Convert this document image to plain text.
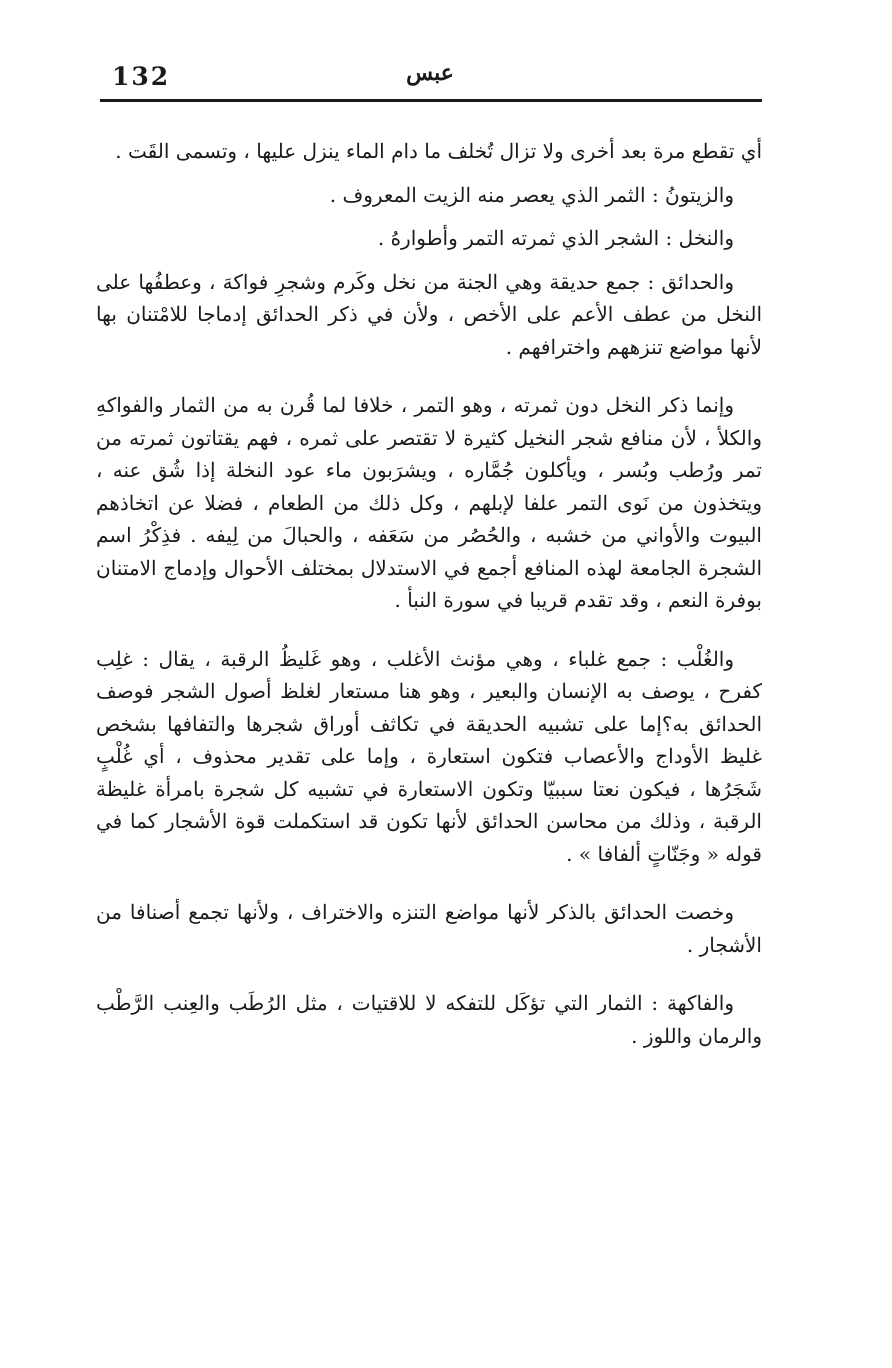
132	عبس

أي تقطع مرة بعد أخرى ولا تزال تُخلف ما دام الماء ينزل عليها ، وتسمى القَت .

والزيتونُ : الثمر الذي يعصر منه الزيت المعروف .

والنخل : الشجر الذي ثمرته التمر وأطوارهُ .

والحدائق : جمع حديقة وهي الجنة من نخل وكَرم وشجرِ فواكهَ ، وعطفُها على النخل من عطف الأعم على الأخص ، ولأن في ذكر الحدائق إدماجا للامْتنان بها لأنها مواضع تنزههم واخترافهم .

وإنما ذكر النخل دون ثمرته ، وهو التمر ، خلافا لما قُرن به من الثمار والفواكهِ والكلأ ، لأن منافع شجر النخيل كثيرة لا تقتصر على ثمره ، فهم يقتاتون ثمرته من تمر ورُطب وبُسر ، ويأكلون جُمَّاره ، ويشرَبون ماء عود النخلة إذا شُق عنه ، ويتخذون من نَوى التمر علفا لإبلهم ، وكل ذلك من الطعام ، فضلا عن اتخاذهم البيوت والأواني من خشبه ، والحُصُر من سَعَفه ، والحبالَ من لِيفه . فذِكْرُ اسم الشجرة الجامعة لهذه المنافع أجمع في الاستدلال بمختلف الأحوال وإدماج الامتنان بوفرة النعم ، وقد تقدم قريبا في سورة النبأ .

والغُلْب : جمع غلباء ، وهي مؤنث الأغلب ، وهو غَليظُ الرقبة ، يقال : غلِب كفرح ، يوصف به الإنسان والبعير ، وهو هنا مستعار لغلظ أصول الشجر فوصف الحدائق به؟إما على تشبيه الحديقة في تكاثف أوراق شجرها والتفافها بشخص غليظ الأوداج والأعصاب فتكون استعارة ، وإما على تقدير محذوف ، أي غُلْبٍ شَجَرُها ، فيكون نعتا سببيّا وتكون الاستعارة في تشبيه كل شجرة بامرأة غليظة الرقبة ، وذلك من محاسن الحدائق لأنها تكون قد استكملت قوة الأشجار كما في قوله « وجَنّاتٍ ألفافا » .

وخصت الحدائق بالذكر لأنها مواضع التنزه والاختراف ، ولأنها تجمع أصنافا من الأشجار .

والفاكهة : الثمار التي تؤكَل للتفكه لا للاقتيات ، مثل الرُطَب والعِنب الرَّطْب والرمان واللوز .
